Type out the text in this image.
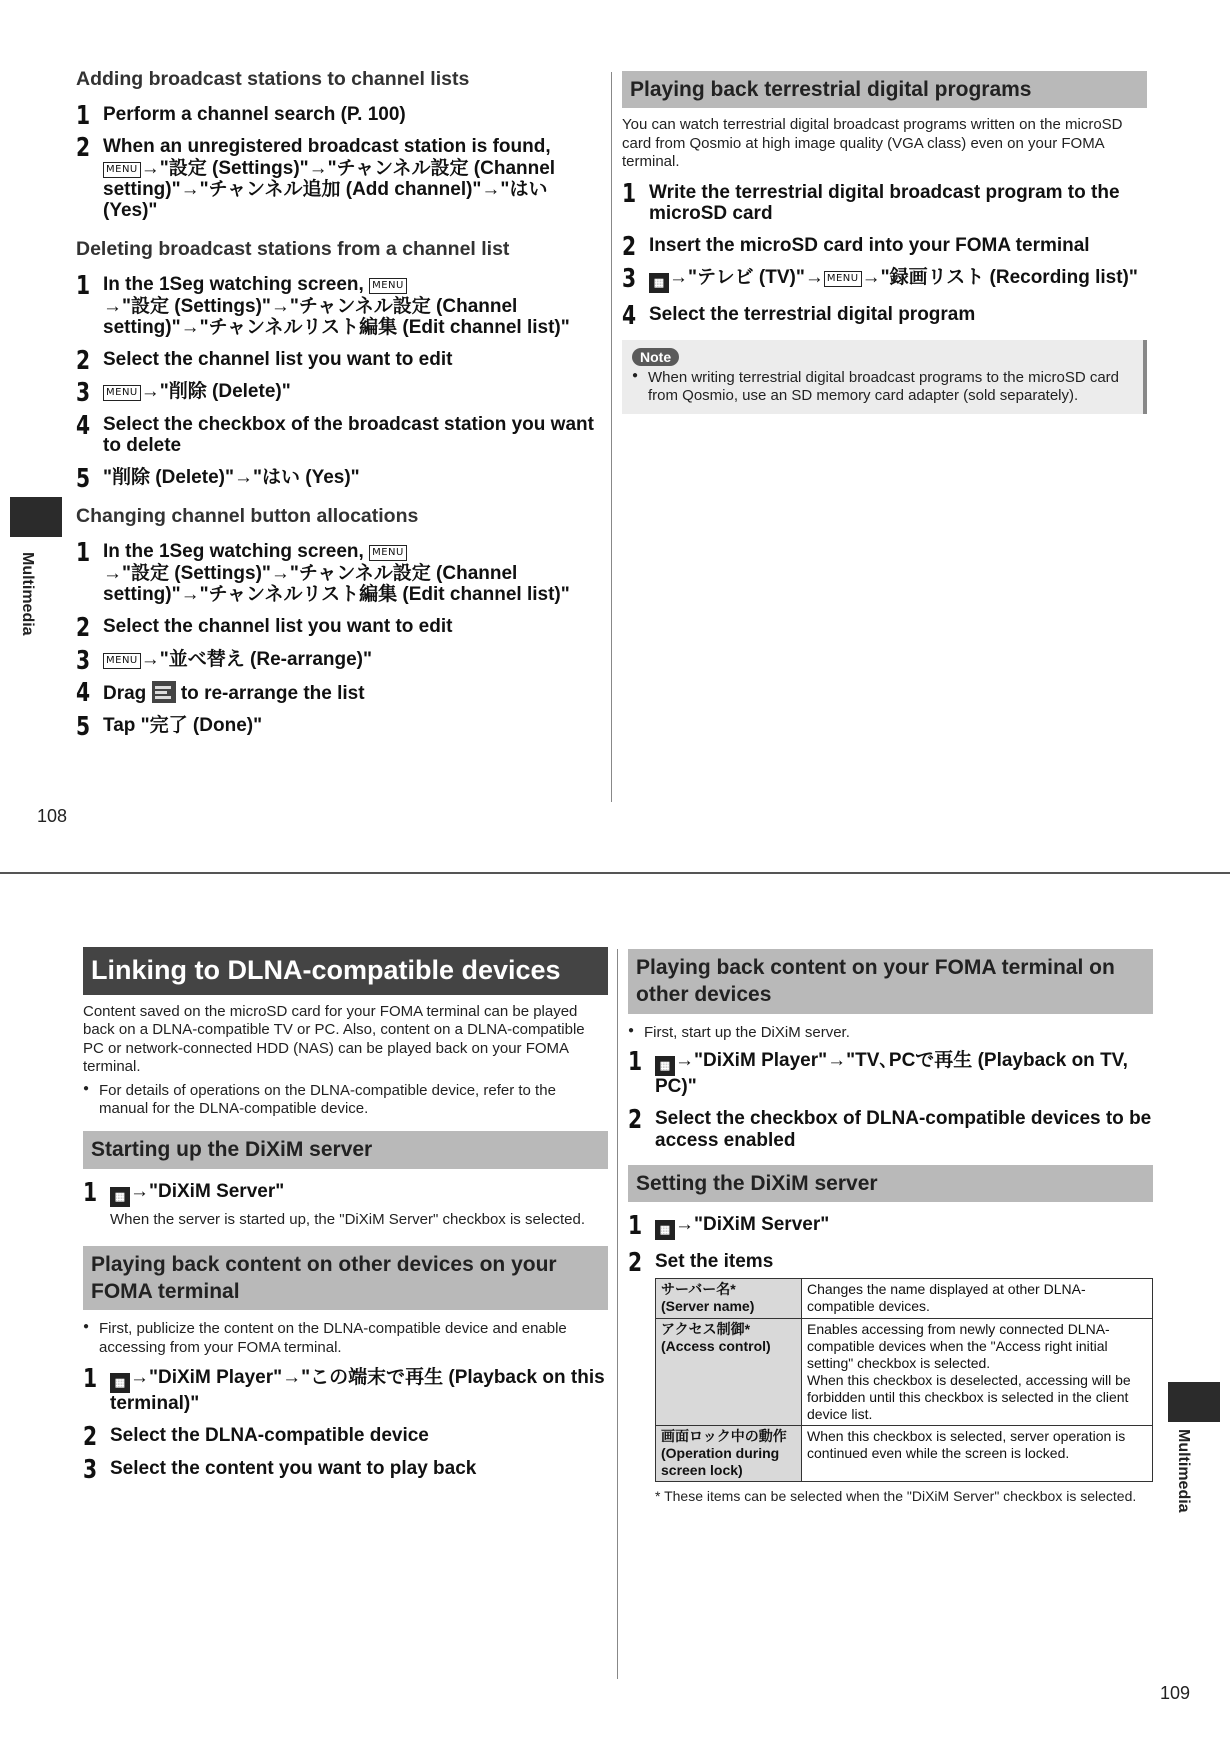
Adding broadcast stations to channel lists
1 Perform a channel search (P. 100)
2 When an unregistered broadcast station is found,
MENU →"設定 (Settings)"→"チャンネル設定 (Channel setting)"→"チャンネル追加 (Add channel)"→"はい (Yes)"
Deleting broadcast stations from a channel list
1 In the 1Seg watching screen, MENU
→"設定 (Settings)"→"チャンネル設定 (Channel setting)"→"チャンネルリスト編集 (Edit channel list)"
2 Select the channel list you want to edit
3 MENU →"削除 (Delete)"
4 Select the checkbox of the broadcast station you want to delete
5 "削除 (Delete)"→"はい (Yes)"
Changing channel button allocations
1 In the 1Seg watching screen, MENU
→"設定 (Settings)"→"チャンネル設定 (Channel setting)"→"チャンネルリスト編集 (Edit channel list)"
2 Select the channel list you want to edit
3 MENU →"並べ替え (Re-arrange)"
4 Drag to re-arrange the list
5 Tap "完了 (Done)"
Playing back terrestrial digital programs
You can watch terrestrial digital broadcast programs written on the microSD card from Qosmio at high image quality (VGA class) even on your FOMA terminal.
1 Write the terrestrial digital broadcast program to the microSD card
2 Insert the microSD card into your FOMA terminal
3 ▦ →"テレビ (TV)"→ MENU →"録画リスト (Recording list)"
4 Select the terrestrial digital program
Note
● When writing terrestrial digital broadcast programs to the microSD card from Qosmio, use an SD memory card adapter (sold separately).
Multimedia
108
Linking to DLNA-compatible devices
Content saved on the microSD card for your FOMA terminal can be played back on a DLNA-compatible TV or PC. Also, content on a DLNA-compatible PC or network-connected HDD (NAS) can be played back on your FOMA terminal.
● For details of operations on the DLNA-compatible device, refer to the manual for the DLNA-compatible device.
Starting up the DiXiM server
1 ▦ →"DiXiM Server"
When the server is started up, the "DiXiM Server" checkbox is selected.
Playing back content on other devices on your FOMA terminal
● First, publicize the content on the DLNA-compatible device and enable accessing from your FOMA terminal.
1 ▦ →"DiXiM Player"→"この端末で再生 (Playback on this terminal)"
2 Select the DLNA-compatible device
3 Select the content you want to play back
Playing back content on your FOMA terminal on other devices
● First, start up the DiXiM server.
1 ▦ →"DiXiM Player"→"TV､PCで再生 (Playback on TV, PC)"
2 Select the checkbox of DLNA-compatible devices to be access enabled
Setting the DiXiM server
1 ▦ →"DiXiM Server"
2 Set the items
サーバー名*
(Server name)	Changes the name displayed at other DLNA-compatible devices.
アクセス制御*
(Access control)	Enables accessing from newly connected DLNA-compatible devices when the "Access right initial setting" checkbox is selected.
When this checkbox is deselected, accessing will be forbidden until this checkbox is selected in the client device list.
画面ロック中の動作
(Operation during screen lock)	When this checkbox is selected, server operation is continued even while the screen is locked.
* These items can be selected when the "DiXiM Server" checkbox is selected.	Multimedia
109
